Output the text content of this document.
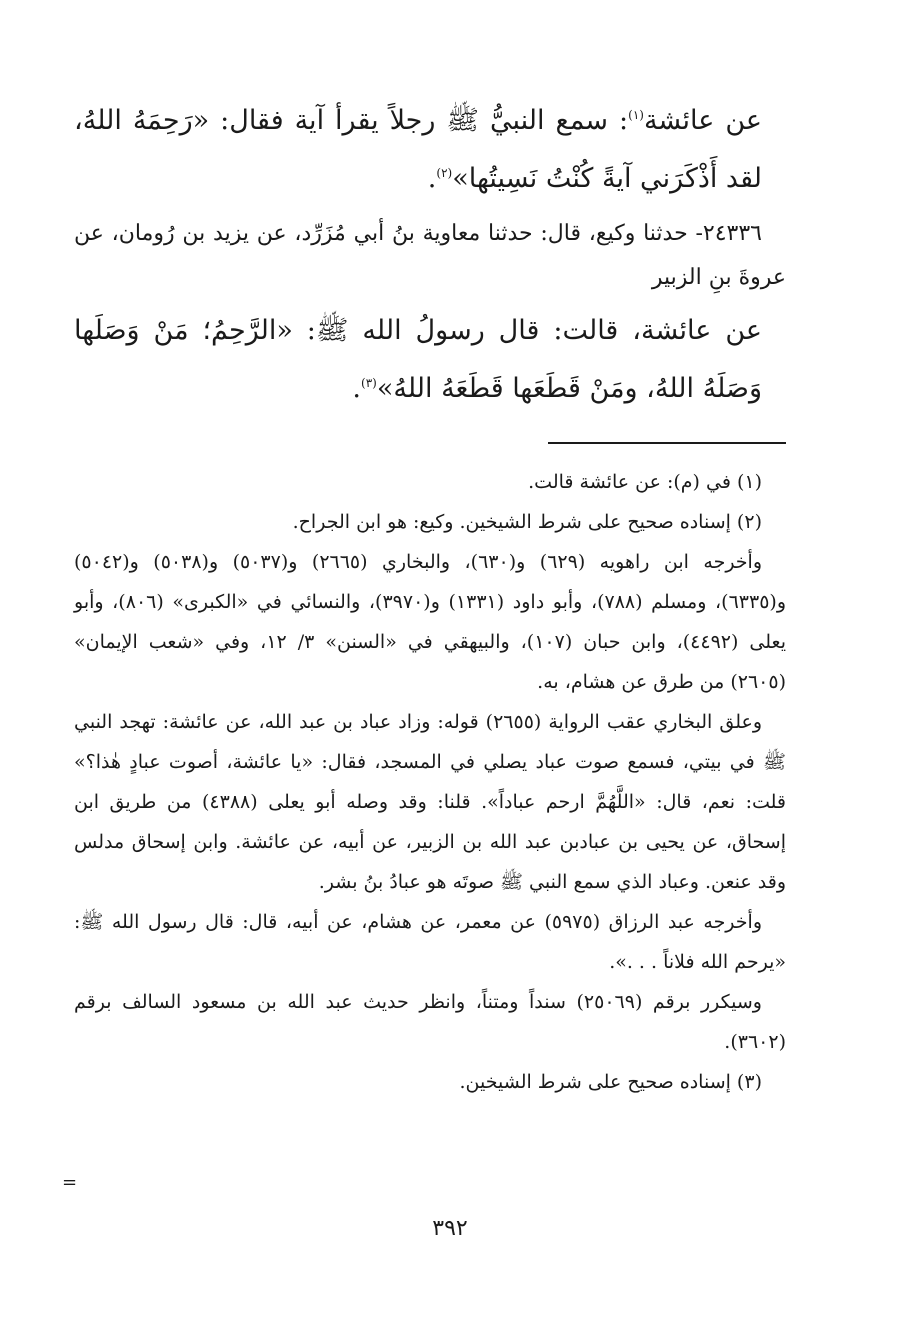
عن عائشة$^{(١)}$: سمع النبيُّ ﷺ رجلاً يقرأ آية فقال: «رَحِمَهُ اللهُ، لقد أَذْكَرَني آيةً كُنْتُ نَسِيتُها»$^{(٢)}$.

٢٤٣٣٦- حدثنا وكيع، قال: حدثنا معاوية بنُ أبي مُزَرِّد، عن يزيد بن رُومان، عن عروةَ بنِ الزبير

عن عائشة، قالت: قال رسولُ الله ﷺ: «الرَّحِمُ؛ مَنْ وَصَلَها وَصَلَهُ اللهُ، ومَنْ قَطَعَها قَطَعَهُ اللهُ»$^{(٣)}$.

(١) في (م): عن عائشة قالت.

(٢) إسناده صحيح على شرط الشيخين. وكيع: هو ابن الجراح.

وأخرجه ابن راهويه (٦٢٩) و(٦٣٠)، والبخاري (٢٦٦٥) و(٥٠٣٧) و(٥٠٣٨) و(٥٠٤٢) و(٦٣٣٥)، ومسلم (٧٨٨)، وأبو داود (١٣٣١) و(٣٩٧٠)، والنسائي في «الكبرى» (٨٠٦)، وأبو يعلى (٤٤٩٢)، وابن حبان (١٠٧)، والبيهقي في «السنن» ٣/ ١٢، وفي «شعب الإيمان» (٢٦٠٥) من طرق عن هشام، به.

وعلق البخاري عقب الرواية (٢٦٥٥) قوله: وزاد عباد بن عبد الله، عن عائشة: تهجد النبي ﷺ في بيتي، فسمع صوت عباد يصلي في المسجد، فقال: «يا عائشة، أصوت عبادٍ هٰذا؟» قلت: نعم، قال: «اللَّهُمَّ ارحم عباداً». قلنا: وقد وصله أبو يعلى (٤٣٨٨) من طريق ابن إسحاق، عن يحيى بن عبادبن عبد الله بن الزبير، عن أبيه، عن عائشة. وابن إسحاق مدلس وقد عنعن. وعباد الذي سمع النبي ﷺ صوتَه هو عبادُ بنُ بشر.

وأخرجه عبد الرزاق (٥٩٧٥) عن معمر، عن هشام، عن أبيه، قال: قال رسول الله ﷺ: «يرحم الله فلاناً . . .».

وسيكرر برقم (٢٥٠٦٩) سنداً ومتناً، وانظر حديث عبد الله بن مسعود السالف برقم (٣٦٠٢).

(٣) إسناده صحيح على شرط الشيخين.

=
٣٩٢
